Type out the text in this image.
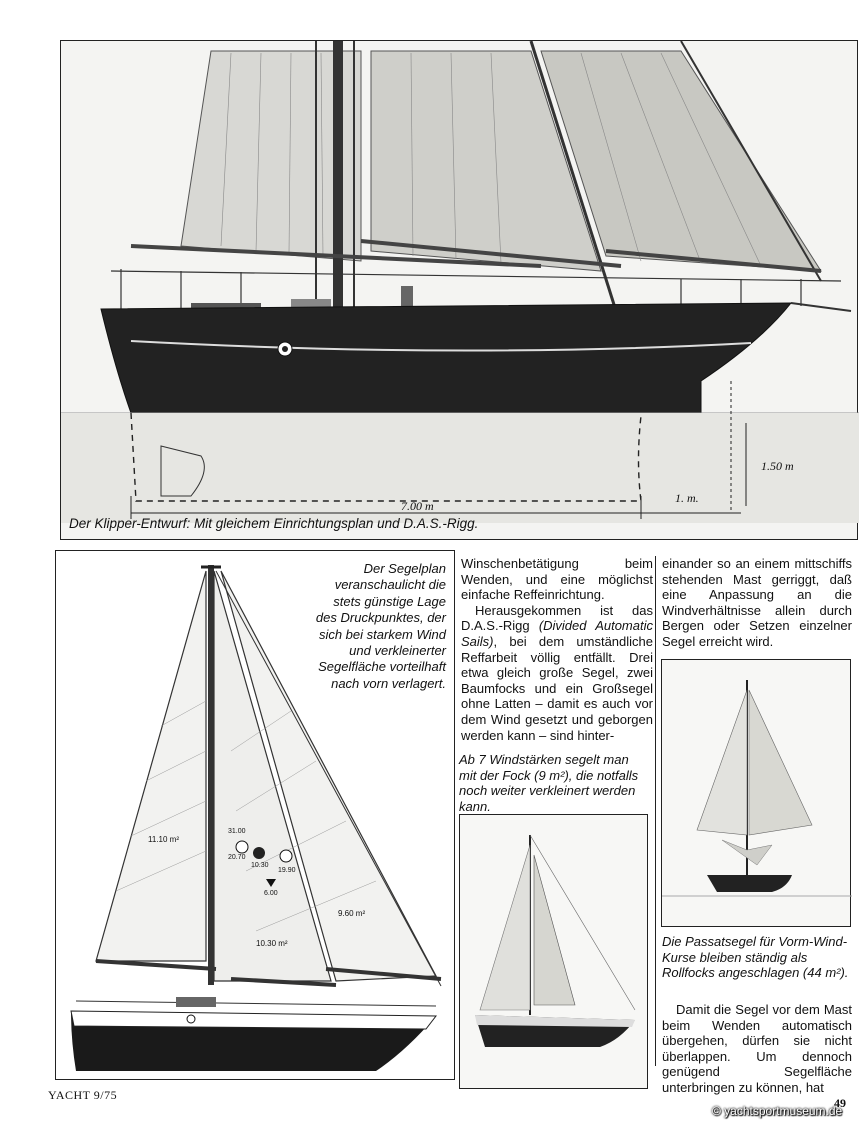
1.50 m
7.00 m
1. m.
Der Klipper-Entwurf: Mit gleichem Einrichtungsplan und D.A.S.-Rigg.
11.10 m²
9.60 m²
10.30 m²
31.00
20.70
10.30
19.90
6.00
Der Segelplan veranschaulicht die stets günstige Lage des Druckpunktes, der sich bei starkem Wind und verkleinerter Segelfläche vorteilhaft nach vorn verlagert.

Winschenbetätigung beim Wenden, und eine möglichst einfache Reffeinrichtung.

Herausgekommen ist das D.A.S.-Rigg (Divided Automatic Sails), bei dem umständliche Reffarbeit völlig entfällt. Drei etwa gleich große Segel, zwei Baumfocks und ein Großsegel ohne Latten – damit es auch vor dem Wind gesetzt und geborgen werden kann – sind hinter-

Ab 7 Windstärken segelt man mit der Fock (9 m²), die notfalls noch weiter verkleinert werden kann.

einander so an einem mittschiffs stehenden Mast gerriggt, daß eine Anpassung an die Windverhältnisse allein durch Bergen oder Setzen einzelner Segel erreicht wird.

Die Passatsegel für Vorm-Wind-Kurse bleiben ständig als Rollfocks angeschlagen (44 m²).
Damit die Segel vor dem Mast beim Wenden automatisch übergehen, dürfen sie nicht überlappen. Um dennoch genügend Segelfläche unterbringen zu können, hat
YACHT 9/75
49
© yachtsportmuseum.de
